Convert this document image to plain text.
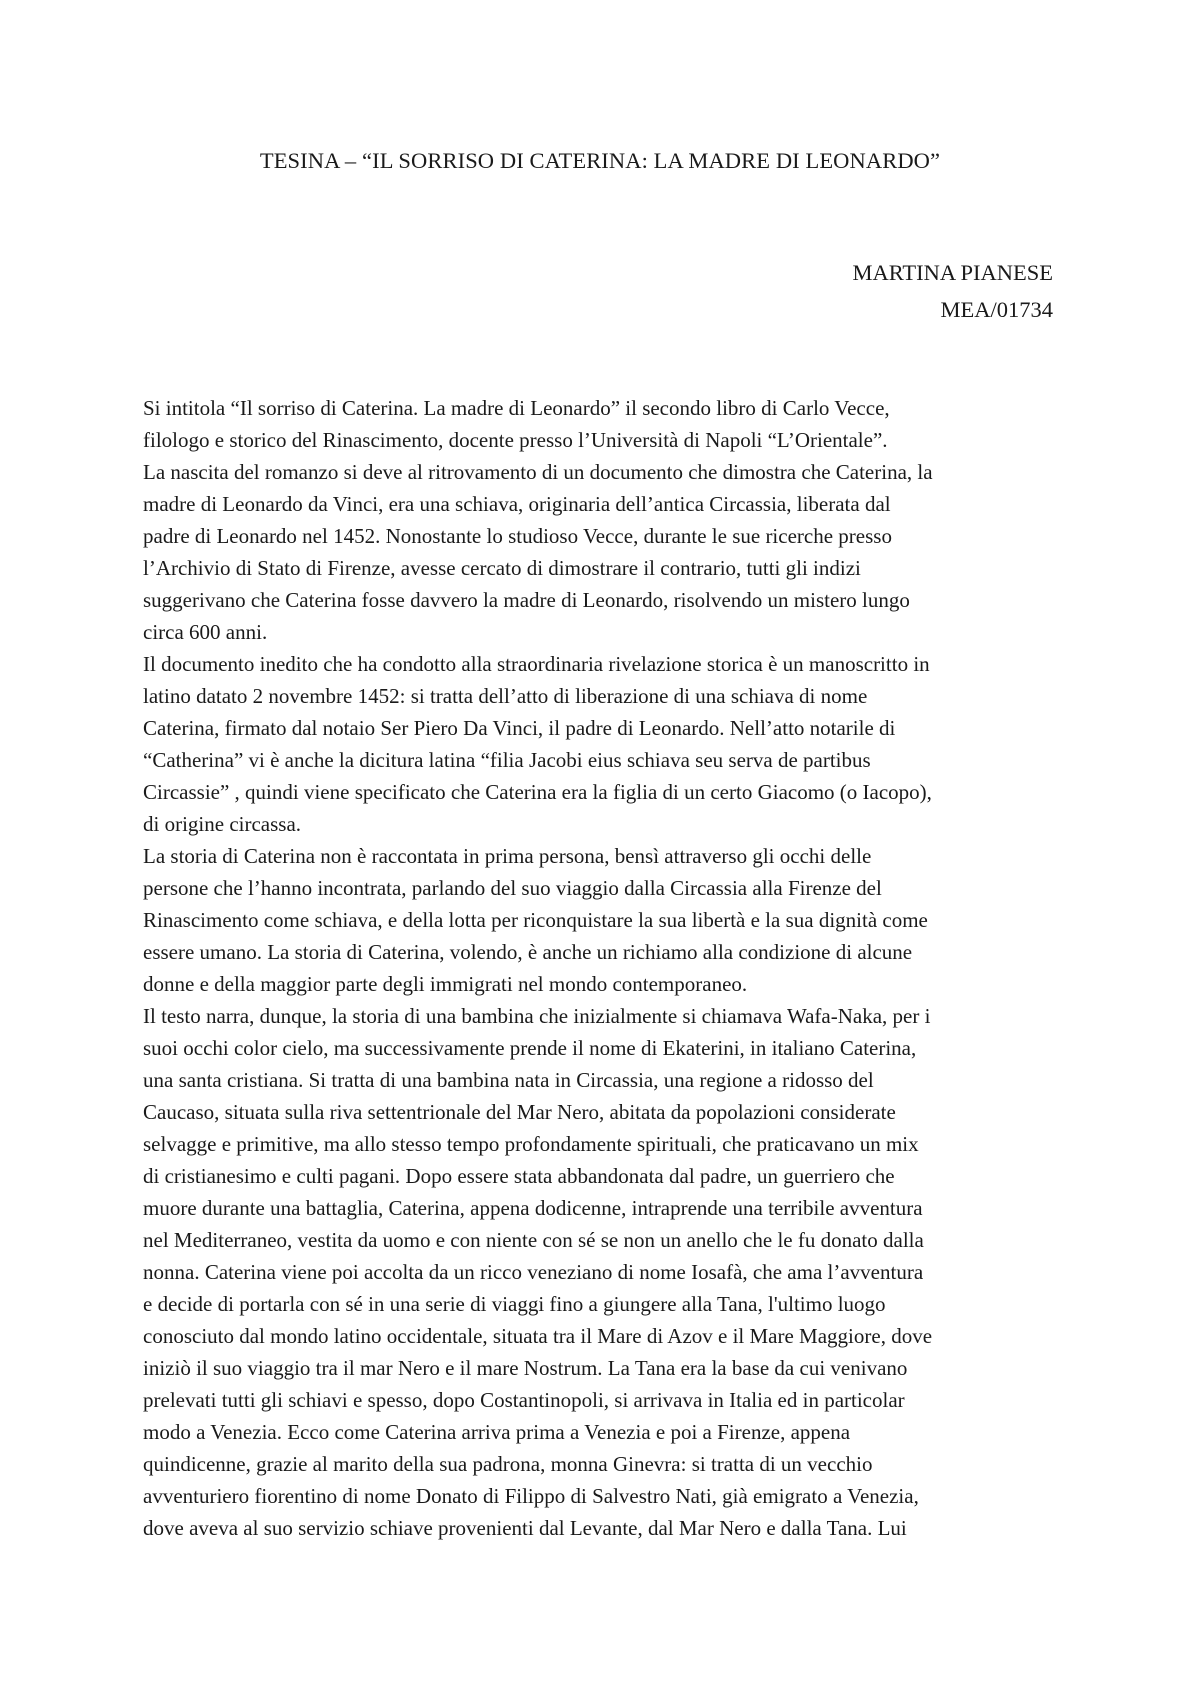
TESINA – “IL SORRISO DI CATERINA: LA MADRE DI LEONARDO”
MARTINA PIANESE
MEA/01734
Si intitola “Il sorriso di Caterina. La madre di Leonardo” il secondo libro di Carlo Vecce,
filologo e storico del Rinascimento, docente presso l’Università di Napoli “L’Orientale”.
La nascita del romanzo si deve al ritrovamento di un documento che dimostra che Caterina, la
madre di Leonardo da Vinci, era una schiava, originaria dell’antica Circassia, liberata dal
padre di Leonardo nel 1452. Nonostante lo studioso Vecce, durante le sue ricerche presso
l’Archivio di Stato di Firenze, avesse cercato di dimostrare il contrario, tutti gli indizi
suggerivano che Caterina fosse davvero la madre di Leonardo, risolvendo un mistero lungo
circa 600 anni.
Il documento inedito che ha condotto alla straordinaria rivelazione storica è un manoscritto in
latino datato 2 novembre 1452: si tratta dell’atto di liberazione di una schiava di nome
Caterina, firmato dal notaio Ser Piero Da Vinci, il padre di Leonardo. Nell’atto notarile di
“Catherina” vi è anche la dicitura latina “filia Jacobi eius schiava seu serva de partibus
Circassie” , quindi viene specificato che Caterina era la figlia di un certo Giacomo (o Iacopo),
di origine circassa.
La storia di Caterina non è raccontata in prima persona, bensì attraverso gli occhi delle
persone che l’hanno incontrata, parlando del suo viaggio dalla Circassia alla Firenze del
Rinascimento come schiava, e della lotta per riconquistare la sua libertà e la sua dignità come
essere umano. La storia di Caterina, volendo, è anche un richiamo alla condizione di alcune
donne e della maggior parte degli immigrati nel mondo contemporaneo.
Il testo narra, dunque, la storia di una bambina che inizialmente si chiamava Wafa-Naka, per i
suoi occhi color cielo, ma successivamente prende il nome di Ekaterini, in italiano Caterina,
una santa cristiana. Si tratta di una bambina nata in Circassia, una regione a ridosso del
Caucaso, situata sulla riva settentrionale del Mar Nero, abitata da popolazioni considerate
selvagge e primitive, ma allo stesso tempo profondamente spirituali, che praticavano un mix
di cristianesimo e culti pagani. Dopo essere stata abbandonata dal padre, un guerriero che
muore durante una battaglia, Caterina, appena dodicenne, intraprende una terribile avventura
nel Mediterraneo, vestita da uomo e con niente con sé se non un anello che le fu donato dalla
nonna. Caterina viene poi accolta da un ricco veneziano di nome Iosafà, che ama l’avventura
e decide di portarla con sé in una serie di viaggi fino a giungere alla Tana, l'ultimo luogo
conosciuto dal mondo latino occidentale, situata tra il Mare di Azov e il Mare Maggiore, dove
iniziò il suo viaggio tra il mar Nero e il mare Nostrum. La Tana era la base da cui venivano
prelevati tutti gli schiavi e spesso, dopo Costantinopoli, si arrivava in Italia ed in particolar
modo a Venezia. Ecco come Caterina arriva prima a Venezia e poi a Firenze, appena
quindicenne, grazie al marito della sua padrona, monna Ginevra: si tratta di un vecchio
avventuriero fiorentino di nome Donato di Filippo di Salvestro Nati, già emigrato a Venezia,
dove aveva al suo servizio schiave provenienti dal Levante, dal Mar Nero e dalla Tana. Lui
